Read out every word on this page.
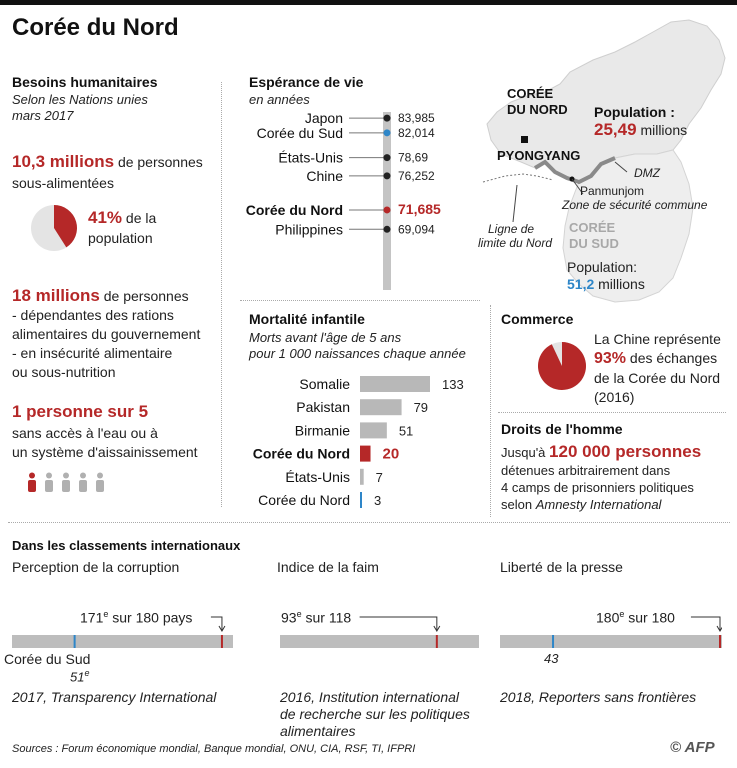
Corée du Nord
Besoins humanitaires
Selon les Nations unies
mars 2017
10,3 millions de personnes
sous-alimentées
41% de la
population
18 millions de personnes
- dépendantes des rations
alimentaires du gouvernement
- en insécurité alimentaire
ou sous-nutrition
1 personne sur 5
sans accès à l'eau ou à
un système d'aissainissement
Espérance de vie
en années
Japon	83,985
Corée du Sud	82,014
États-Unis	78,69
Chine	76,252
Corée du Nord	71,685
Philippines	69,094
Mortalité infantile
Morts avant l'âge de 5 ans
pour 1 000 naissances chaque année
Somalie	133
Pakistan	79
Birmanie	51
Corée du Nord 20
États-Unis 7
Corée du Nord 3
CORÉE
DU NORD
PYONGYANG
DMZ
Panmunjom
Zone de sécurité commune
Ligne de
limite du Nord
CORÉE
DU SUD
Population :
25,49 millions
Population:
51,2 millions
Commerce
La Chine représente
93% des échanges
de la Corée du Nord
(2016)
Droits de l'homme
Jusqu'à 120 000 personnes
détenues arbitrairement dans
4 camps de prisonniers politiques
selon Amnesty International
Dans les classements internationaux
Perception de la corruption
171e sur 180 pays
Corée du Sud
51e
2017, Transparency International
Indice de la faim
93e sur 118
2016, Institution international
de recherche sur les politiques
alimentaires
Liberté de la presse
180e sur 180
43
2018, Reporters sans frontières
Sources : Forum économique mondial, Banque mondial, ONU, CIA, RSF, TI, IFPRI	© AFP
